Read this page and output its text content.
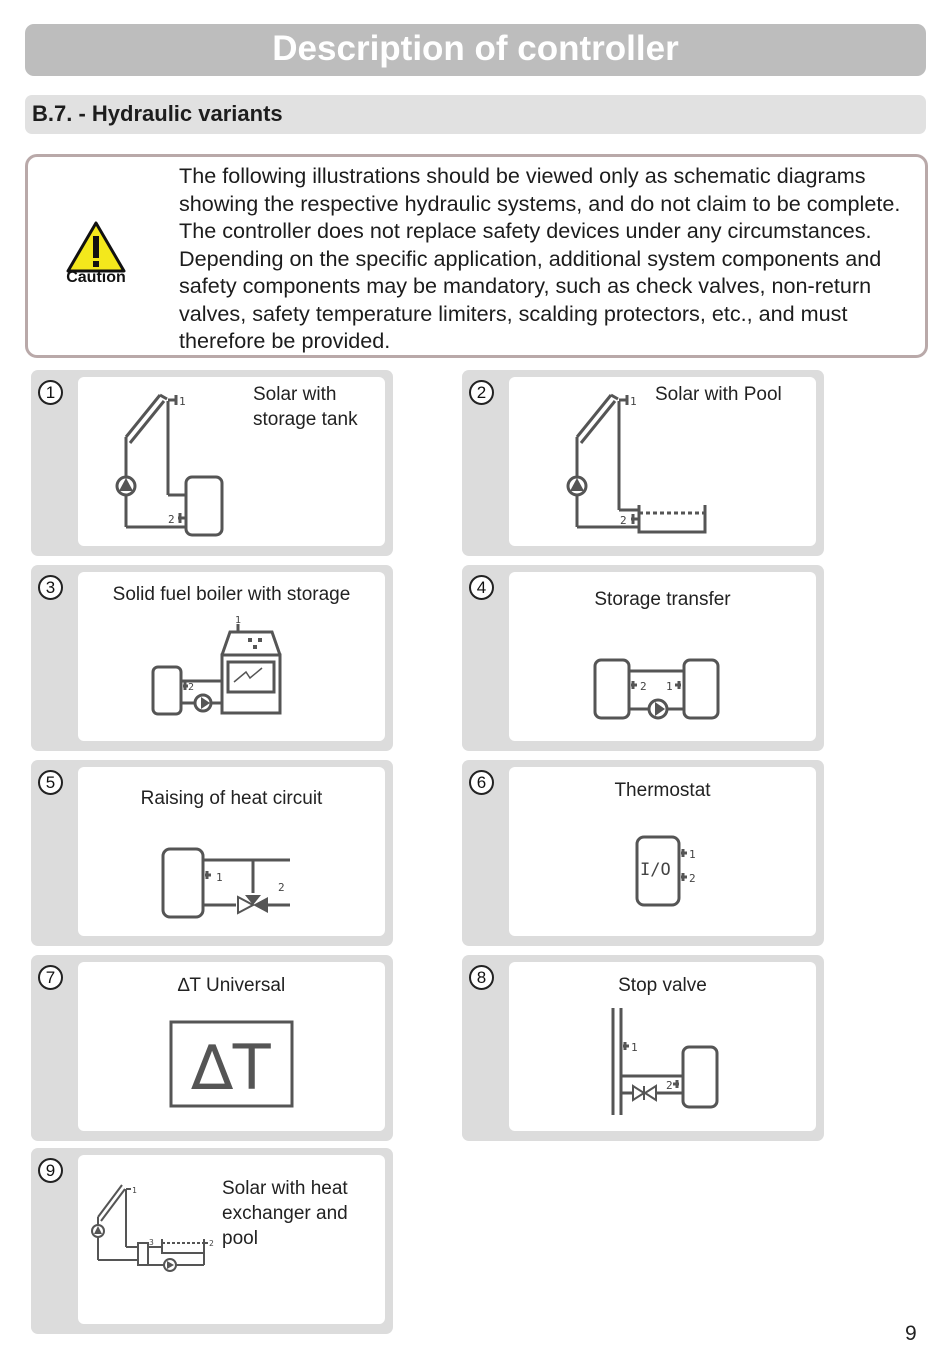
Description of controller
B.7. - Hydraulic variants
Caution
The following illustrations should be viewed only as schematic diagrams showing the respective hydraulic systems, and do not claim to be complete. The controller does not replace safety devices under any circumstances. Depending on the specific application, additional system components and safety components may be mandatory, such as check valves, non-return valves, safety temperature limiters, scalding protectors, etc., and must therefore be provided.
1	1
2
Solar with storage tank
2	1
2
Solar with Pool
3
1
2
Solid fuel boiler with storage	4
2 1
Storage transfer
5
1
2
Raising of heat circuit
6
I/O
1
2
Thermostat
7
∆T
∆T Universal	8
1
2
Stop valve
9
1
2
3
Solar with heat exchanger and pool
9
